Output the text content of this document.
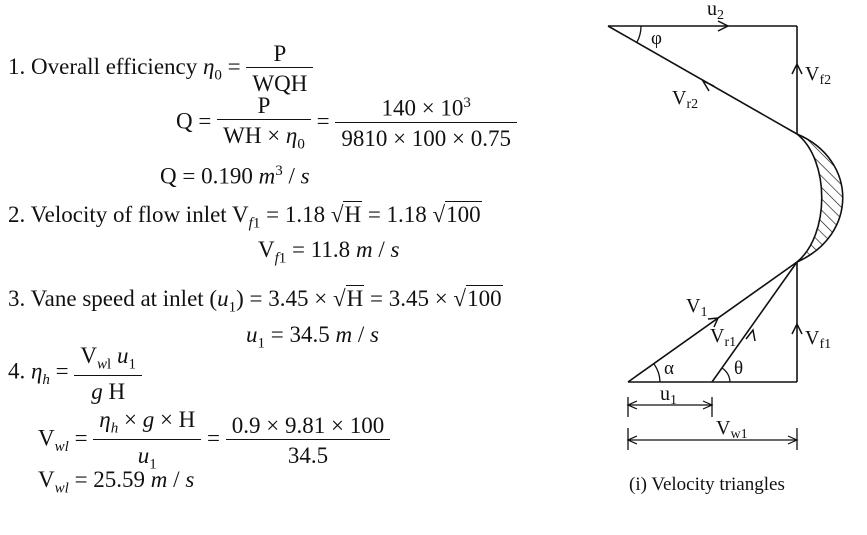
1. Overall efficiency $\eta_0 = \frac{P}{\text{WQH}}$
$Q = \frac{P}{WH \times \eta_0} = \frac{140 \times 10^3}{9810 \times 100 \times 0.75}$
Q = 0.190 $m^3$ / s
2. Velocity of flow inlet $V_{f1} = 1.18$ √H = 1.18 √100
$V_{f1} = 11.8$ m / s
3. Vane speed at inlet $(u_1) = 3.45 \times √H = 3.45 \times √100$
$u_1 = 34.5$ m / s
4. $\eta_h = \frac{V_{wl} u_1}{\text{g H}}$
$V_{wl} = \frac{\eta_h \times g \times H}{u_1} = \frac{0.9 \times 9.81 \times 100}{34.5}$
$V_{wl} = 25.59$ m / s
$u_2$
φ
$V_{r2}$
$V_{f2}$
$V_1$
$V_{r1}$	$V_{f1}$
α	θ
$u_1$
$V_{w1}$
(i) Velocity triangles
